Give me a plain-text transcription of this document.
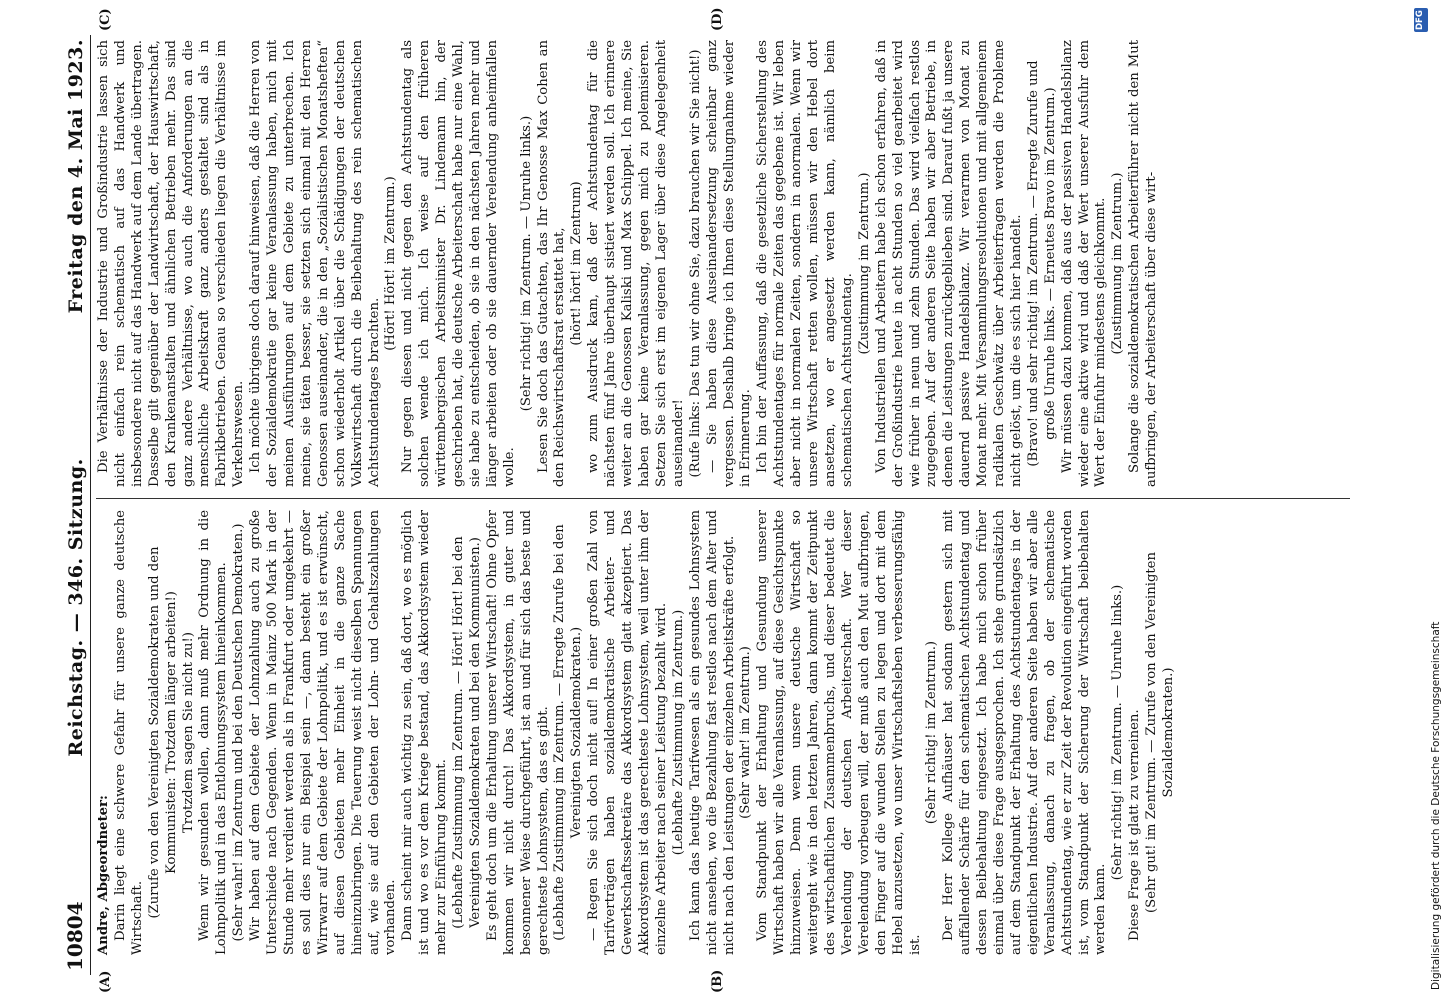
10804
Reichstag. — 346. Sitzung.
Freitag den 4. Mai 1923.
(A)	(B)
(C)	(D)

Andre, Abgeordneter: Darin liegt eine schwere Gefahr für unsere ganze deutsche Wirtschaft. (Zurufe von den Vereinigten Sozialdemokraten und den Kommunisten: Trotzdem länger arbeiten!) Trotzdem sagen Sie nicht zu!) Wenn wir gesunden wollen, dann muß mehr Ordnung in die Lohnpolitik und in das Entlohnungssystem hineinkommen. (Sehr wahr! im Zentrum und bei den Deutschen Demokraten.) Wir haben auf dem Gebiete der Lohnzahlung auch zu große Unterschiede nach Gegenden. Wenn in Mainz 500 Mark in der Stunde mehr verdient werden als in Frankfurt oder umgekehrt — es soll dies nur ein Beispiel sein —, dann besteht ein großer Wirrwarr auf dem Gebiete der Lohnpolitik, und es ist erwünscht, auf diesen Gebieten mehr Einheit in die ganze Sache hineinzubringen. Die Teuerung weist nicht dieselben Spannungen auf, wie sie auf den Gebieten der Lohn- und Gehaltszahlungen vorhanden. Dann scheint mir auch wichtig zu sein, daß dort, wo es möglich ist und wo es vor dem Kriege bestand, das Akkordsystem wieder mehr zur Einführung kommt. (Lebhafte Zustimmung im Zentrum. — Hört! Hört! bei den Vereinigten Sozialdemokraten und bei den Kommunisten.) Es geht doch um die Erhaltung unserer Wirtschaft! Ohne Opfer kommen wir nicht durch! Das Akkordsystem, in guter und besonnener Weise durchgeführt, ist an und für sich das beste und gerechteste Lohnsystem, das es gibt. (Lebhafte Zustimmung im Zentrum. — Erregte Zurufe bei den Vereinigten Sozialdemokraten.) — Regen Sie sich doch nicht auf! In einer großen Zahl von Tarifverträgen haben sozialdemokratische Arbeiter- und Gewerkschaftssekretäre das Akkordsystem glatt akzeptiert. Das Akkordsystem ist das gerechteste Lohnsystem, weil unter ihm der einzelne Arbeiter nach seiner Leistung bezahlt wird. (Lebhafte Zustimmung im Zentrum.) Ich kann das heutige Tarifwesen als ein gesundes Lohnsystem nicht ansehen, wo die Bezahlung fast restlos nach dem Alter und nicht nach den Leistungen der einzelnen Arbeitskräfte erfolgt. (Sehr wahr! im Zentrum.) Vom Standpunkt der Erhaltung und Gesundung unserer Wirtschaft haben wir alle Veranlassung, auf diese Gesichtspunkte hinzuweisen. Denn wenn unsere deutsche Wirtschaft so weitergeht wie in den letzten Jahren, dann kommt der Zeitpunkt des wirtschaftlichen Zusammenbruchs, und dieser bedeutet die Verelendung der deutschen Arbeiterschaft. Wer dieser Verelendung vorbeugen will, der muß auch den Mut aufbringen, den Finger auf die wunden Stellen zu legen und dort mit dem Hebel anzusetzen, wo unser Wirtschaftsleben verbesserungsfähig ist.

(Sehr richtig! im Zentrum.) Der Herr Kollege Aufhäuser hat sodann gestern sich mit auffallender Schärfe für den schematischen Achtstundentag und dessen Beibehaltung eingesetzt. Ich habe mich schon früher einmal über diese Frage ausgesprochen. Ich stehe grundsätzlich auf dem Standpunkt der Erhaltung des Achtstundentages in der eigentlichen Industrie. Auf der anderen Seite haben wir aber alle Veranlassung, danach zu fragen, ob der schematische Achtstundentag, wie er zur Zeit der Revolution eingeführt worden ist, vom Standpunkt der Sicherung der Wirtschaft beibehalten werden kann.

(Sehr richtig! im Zentrum. — Unruhe links.) Diese Frage ist glatt zu verneinen. (Sehr gut! im Zentrum. — Zurufe von den Vereinigten Sozialdemokraten.)

Die Verhältnisse der Industrie und Großindustrie lassen sich nicht einfach rein schematisch auf das Handwerk und insbesondere nicht auf das Handwerk auf dem Lande übertragen. Dasselbe gilt gegenüber der Landwirtschaft, der Hauswirtschaft, den Krankenanstalten und ähnlichen Betrieben mehr. Das sind ganz andere Verhältnisse, wo auch die Anforderungen an die menschliche Arbeitskraft ganz anders gestaltet sind als in Fabrikbetrieben. Genau so verschieden liegen die Verhältnisse im Verkehrswesen. Ich möchte übrigens doch darauf hinweisen, daß die Herren von der Sozialdemokratie gar keine Veranlassung haben, mich mit meinen Ausführungen auf dem Gebiete zu unterbrechen. Ich meine, sie täten besser, sie setzten sich einmal mit den Herren Genossen auseinander, die in den „Sozialistischen Monatsheften“ schon wiederholt Artikel über die Schädigungen der deutschen Volkswirtschaft durch die Beibehaltung des rein schematischen Achtstundentages brachten.

(Hört! Hört! im Zentrum.) Nur gegen diesen und nicht gegen den Achtstundentag als solchen wende ich mich. Ich weise auf den früheren württembergischen Arbeitsminister Dr. Lindemann hin, der geschrieben hat, die deutsche Arbeiterschaft habe nur eine Wahl, sie habe zu entscheiden, ob sie in den nächsten Jahren mehr und länger arbeiten oder ob sie dauernder Verelendung anheimfallen wolle.

(Sehr richtig! im Zentrum. — Unruhe links.) Lesen Sie doch das Gutachten, das Ihr Genosse Max Cohen an den Reichswirtschaftsrat erstattet hat, (hört! hört! im Zentrum) wo zum Ausdruck kam, daß der Achtstundentag für die nächsten fünf Jahre überhaupt sistiert werden soll. Ich erinnere weiter an die Genossen Kaliski und Max Schippel. Ich meine, Sie haben gar keine Veranlassung, gegen mich zu polemisieren. Setzen Sie sich erst im eigenen Lager über diese Angelegenheit auseinander! (Rufe links: Das tun wir ohne Sie, dazu brauchen wir Sie nicht!) — Sie haben diese Auseinandersetzung scheinbar ganz vergessen. Deshalb bringe ich Ihnen diese Stellungnahme wieder in Erinnerung. Ich bin der Auffassung, daß die gesetzliche Sicherstellung des Achtstundentages für normale Zeiten das gegebene ist. Wir leben aber nicht in normalen Zeiten, sondern in anormalen. Wenn wir unsere Wirtschaft retten wollen, müssen wir den Hebel dort ansetzen, wo er angesetzt werden kann, nämlich beim schematischen Achtstundentag.

(Zustimmung im Zentrum.) Von Industriellen und Arbeitern habe ich schon erfahren, daß in der Großindustrie heute in acht Stunden so viel gearbeitet wird wie früher in neun und zehn Stunden. Das wird vielfach restlos zugegeben. Auf der anderen Seite haben wir aber Betriebe, in denen die Leistungen zurückgeblieben sind. Darauf fußt ja unsere dauernd passive Handelsbilanz. Wir verarmen von Monat zu Monat mehr. Mit Versammlungsresolutionen und mit allgemeinem radikalen Geschwätz über Arbeiterfragen werden die Probleme nicht gelöst, um die es sich hier handelt. (Bravo! und sehr richtig! im Zentrum. — Erregte Zurufe und große Unruhe links. — Erneutes Bravo im Zentrum.) Wir müssen dazu kommen, daß aus der passiven Handelsbilanz wieder eine aktive wird und daß der Wert unserer Ausfuhr dem Wert der Einfuhr mindestens gleichkommt. (Zustimmung im Zentrum.) Solange die sozialdemokratischen Arbeiterführer nicht den Mut aufbringen, der Arbeiterschaft über diese wirt-

DFG
Digitalisierung gefördert durch die Deutsche Forschungsgemeinschaft
